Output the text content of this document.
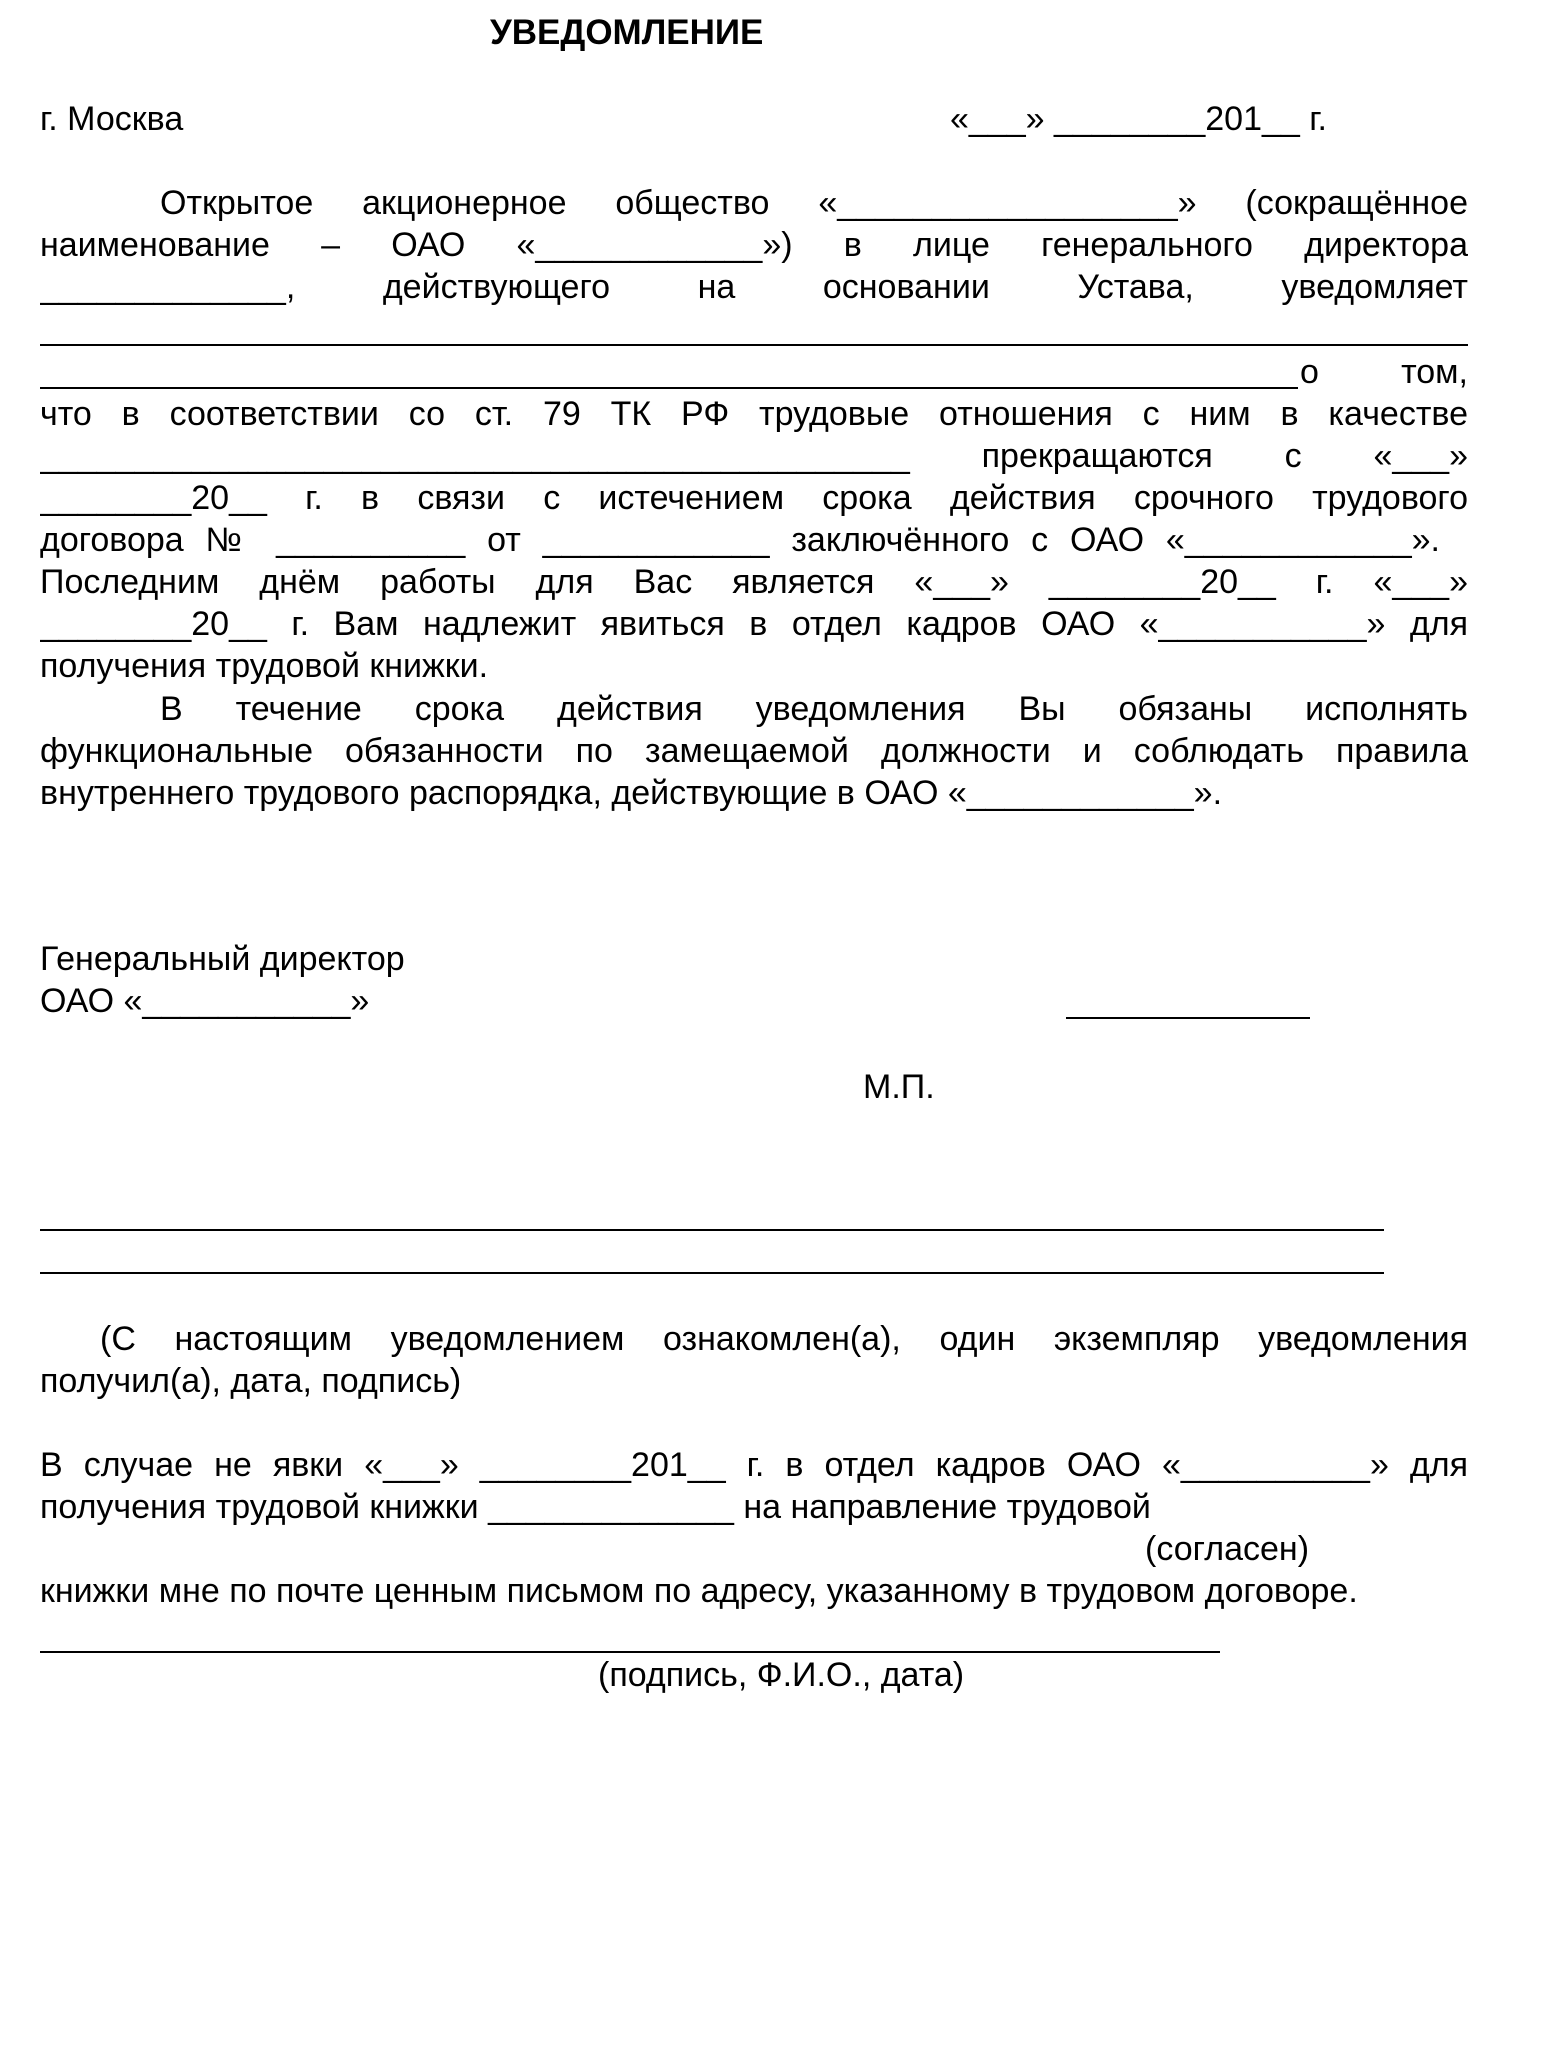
УВЕДОМЛЕНИЕ
г. Москва	«___» ________201__ г.
Открытое акционерное общество «__________________» (сокращённое
наименование – ОАО «____________») в лице генерального директора
_____________, действующего на основании Устава, уведомляет
о том,
что в соответствии со ст. 79 ТК РФ трудовые отношения с ним в качестве
______________________________________________ прекращаются с «___»
________20__ г. в связи с истечением срока действия срочного трудового
договора № __________ от ____________ заключённого с ОАО «____________».
Последним днём работы для Вас является «___» ________20__ г. «___»
________20__ г. Вам надлежит явиться в отдел кадров ОАО «___________» для
получения трудовой книжки.
В течение срока действия уведомления Вы обязаны исполнять
функциональные обязанности по замещаемой должности и соблюдать правила
внутреннего трудового распорядка, действующие в ОАО «____________».
Генеральный директор
ОАО «___________»
М.П.
(С настоящим уведомлением ознакомлен(а), один экземпляр уведомления
получил(а), дата, подпись)
В случае не явки «___» ________201__ г. в отдел кадров ОАО «__________» для
получения трудовой книжки _____________ на направление трудовой
(согласен)
книжки мне по почте ценным письмом по адресу, указанному в трудовом договоре.
(подпись, Ф.И.О., дата)
